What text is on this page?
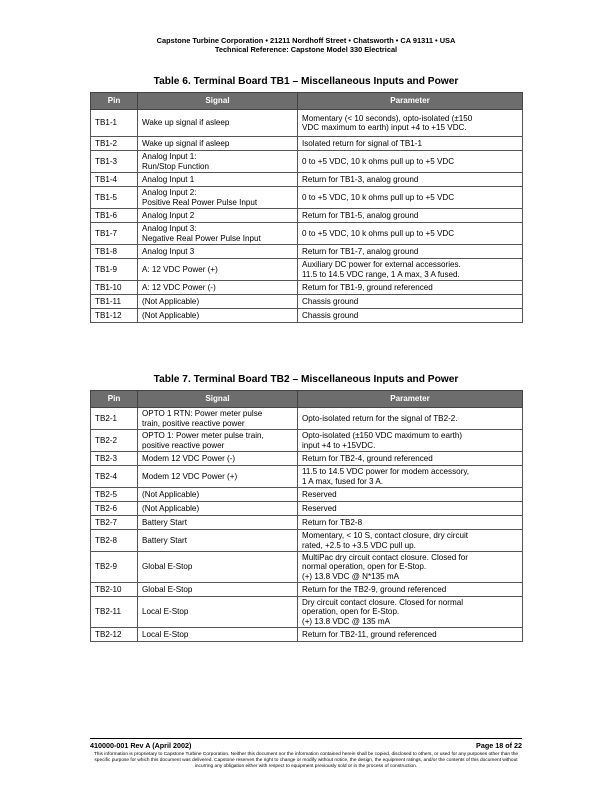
Capstone Turbine Corporation • 21211 Nordhoff Street • Chatsworth • CA 91311 • USA
Technical Reference: Capstone Model 330 Electrical
Table 6. Terminal Board TB1 – Miscellaneous Inputs and Power
Pin	Signal	Parameter
TB1-1	Wake up signal if asleep	Momentary (< 10 seconds), opto-isolated (±150
VDC maximum to earth) input +4 to +15 VDC.
TB1-2	Wake up signal if asleep	Isolated return for signal of TB1-1
TB1-3	Analog Input 1:
Run/Stop Function	0 to +5 VDC, 10 k ohms pull up to +5 VDC
TB1-4	Analog Input 1	Return for TB1-3, analog ground
TB1-5	Analog Input 2:
Positive Real Power Pulse Input	0 to +5 VDC, 10 k ohms pull up to +5 VDC
TB1-6	Analog Input 2	Return for TB1-5, analog ground
TB1-7	Analog Input 3:
Negative Real Power Pulse Input	0 to +5 VDC, 10 k ohms pull up to +5 VDC
TB1-8	Analog Input 3	Return for TB1-7, analog ground
TB1-9	A: 12 VDC Power (+)	Auxiliary DC power for external accessories.
11.5 to 14.5 VDC range, 1 A max, 3 A fused.
TB1-10	A: 12 VDC Power (-)	Return for TB1-9, ground referenced
TB1-11	(Not Applicable)	Chassis ground
TB1-12	(Not Applicable)	Chassis ground
Table 7. Terminal Board TB2 – Miscellaneous Inputs and Power
Pin	Signal	Parameter
TB2-1	OPTO 1 RTN: Power meter pulse
train, positive reactive power	Opto-isolated return for the signal of TB2-2.
TB2-2	OPTO 1: Power meter pulse train,
positive reactive power	Opto-isolated (±150 VDC maximum to earth)
input +4 to +15VDC.
TB2-3	Modem 12 VDC Power (-)	Return for TB2-4, ground referenced
TB2-4	Modem 12 VDC Power (+)	11.5 to 14.5 VDC power for modem accessory,
1 A max, fused for 3 A.
TB2-5	(Not Applicable)	Reserved
TB2-6	(Not Applicable)	Reserved
TB2-7	Battery Start	Return for TB2-8
TB2-8	Battery Start	Momentary, < 10 S, contact closure, dry circuit
rated, +2.5 to +3.5 VDC pull up.
TB2-9	Global E-Stop	MultiPac dry circuit contact closure. Closed for
normal operation, open for E-Stop.
(+) 13.8 VDC @ N*135 mA
TB2-10	Global E-Stop	Return for the TB2-9, ground referenced
TB2-11	Local E-Stop	Dry circuit contact closure. Closed for normal
operation, open for E-Stop.
(+) 13.8 VDC @ 135 mA
TB2-12	Local E-Stop	Return for TB2-11, ground referenced
410000-001 Rev A (April 2002)	Page 18 of 22
This information is proprietary to Capstone Turbine Corporation. Neither this document nor the information contained herein shall be copied, disclosed to others, or used for any purposes other than the specific purpose for which this document was delivered. Capstone reserves the right to change or modify without notice, the design, the equipment ratings, and/or the contents of this document without incurring any obligation either with respect to equipment previously sold or in the process of construction.
